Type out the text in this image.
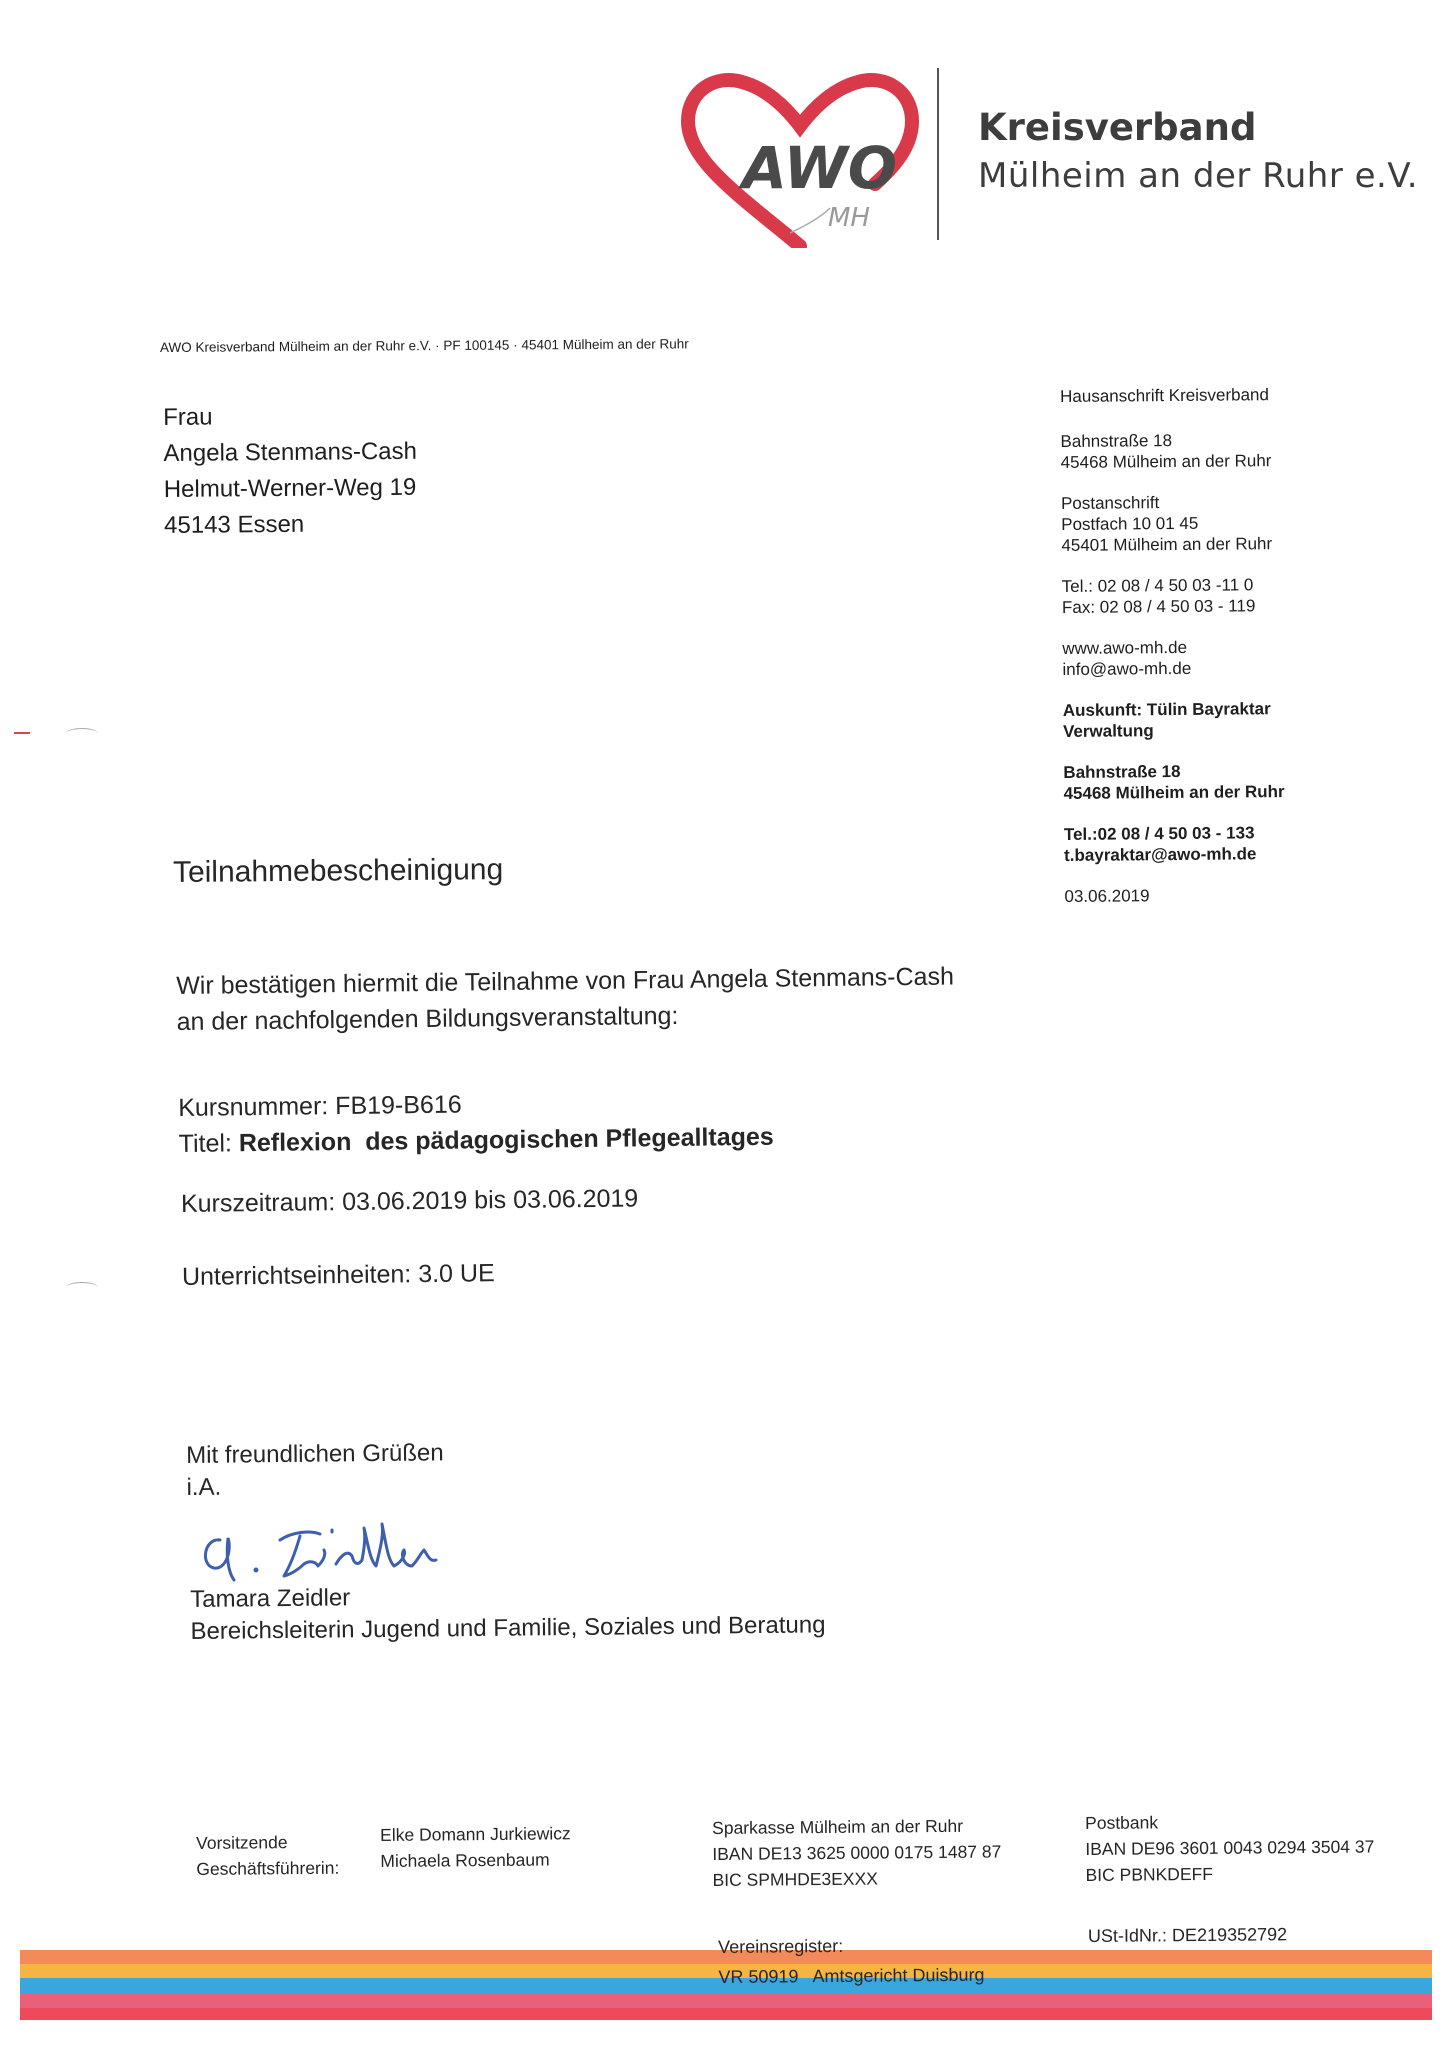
AWO
MH
Kreisverband
Mülheim an der Ruhr e.V.
AWO Kreisverband Mülheim an der Ruhr e.V. · PF 100145 · 45401 Mülheim an der Ruhr
Frau
Angela Stenmans-Cash
Helmut-Werner-Weg 19
45143 Essen
Hausanschrift Kreisverband
Bahnstraße 18
45468 Mülheim an der Ruhr
Postanschrift
Postfach 10 01 45
45401 Mülheim an der Ruhr
Tel.: 02 08 / 4 50 03 -11 0
Fax: 02 08 / 4 50 03 - 119
www.awo-mh.de
info@awo-mh.de
Auskunft: Tülin Bayraktar
Verwaltung
Bahnstraße 18
45468 Mülheim an der Ruhr
Tel.:02 08 / 4 50 03 - 133
t.bayraktar@awo-mh.de
03.06.2019
Teilnahmebescheinigung
Wir bestätigen hiermit die Teilnahme von Frau Angela Stenmans-Cash
an der nachfolgenden Bildungsveranstaltung:
Kursnummer: FB19-B616
Titel: Reflexion  des pädagogischen Pflegealltages
Kurszeitraum: 03.06.2019 bis 03.06.2019
Unterrichtseinheiten: 3.0 UE
Mit freundlichen Grüßen
i.A.
T. Zeidler
Tamara Zeidler
Bereichsleiterin Jugend und Familie, Soziales und Beratung
Vorsitzende
Geschäftsführerin:
Elke Domann Jurkiewicz
Michaela Rosenbaum
Sparkasse Mülheim an der Ruhr
IBAN DE13 3625 0000 0175 1487 87
BIC SPMHDE3EXXX
Postbank
IBAN DE96 3601 0043 0294 3504 37
BIC PBNKDEFF
Vereinsregister:
VR 50919   Amtsgericht Duisburg
USt-IdNr.: DE219352792
